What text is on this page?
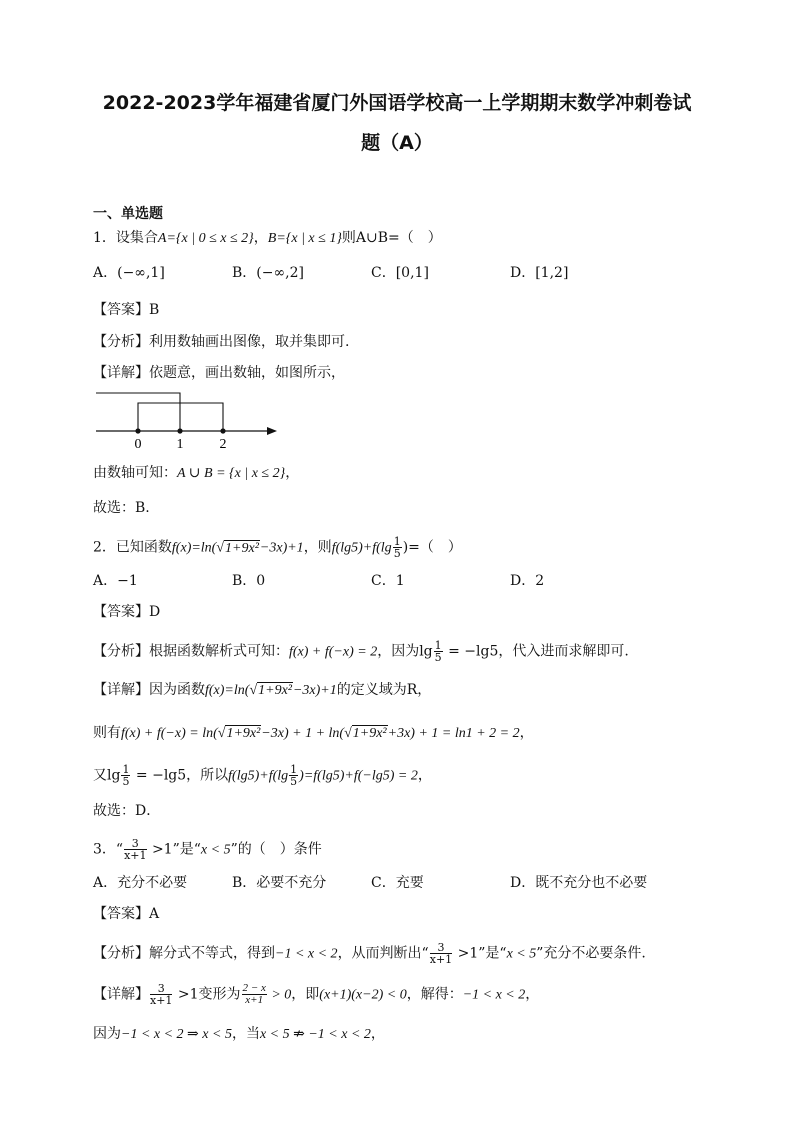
2022-2023学年福建省厦门外国语学校高一上学期期末数学冲刺卷试
题（A）
一、单选题
1．设集合A={x | 0 ≤ x ≤ 2}，B={x | x ≤ 1}则A∪B=（　）
A．(−∞,1]	B．(−∞,2]	C．[0,1]	D．[1,2]
【答案】B
【分析】利用数轴画出图像，取并集即可.
【详解】依题意，画出数轴，如图所示，
0	1	2
由数轴可知：A ∪ B = {x | x ≤ 2}，
故选：B.
2．已知函数f(x)=ln(√1+9x²−3x)+1，则$f(\lg 5)+f(\lg \frac{1}{5}$ )=（　）
A．−1	B．0	C．1	D．2
【答案】D
【分析】根据函数解析式可知：f(x) + f(−x) = 2，因为$\lg \frac{1}{5} = -\lg 5$，代入进而求解即可.
【详解】因为函数f(x)=ln(√1+9x²−3x)+1的定义域为R，
则有f(x) + f(−x) = ln(√1+9x²−3x) + 1 + ln(√1+9x²+3x) + 1 = ln1 + 2 = 2，
又$\lg \frac{1}{5} = -\lg 5$，所以$f(\lg 5)+f(\lg \frac{1}{5} )=f(\lg 5)+f(-\lg 5) = 2$，
故选：D．
3．“ $\frac{3}{x+1} >1$”是“x < 5”的（　）条件
A．充分不必要	B．必要不充分	C．充要	D．既不充分也不必要
【答案】A
【分析】解分式不等式，得到−1 < x < 2，从而判断出“ $\frac{3}{x+1} >1$”是“x < 5”充分不必要条件.
【详解】 $\frac{3}{x+1} >1$变形为 $\frac{2 - x}{x+1} > 0$，即(x+1)(x−2) < 0，解得：−1 < x < 2，
因为−1 < x < 2 ⇒ x < 5，当x < 5 ⇏ −1 < x < 2，
